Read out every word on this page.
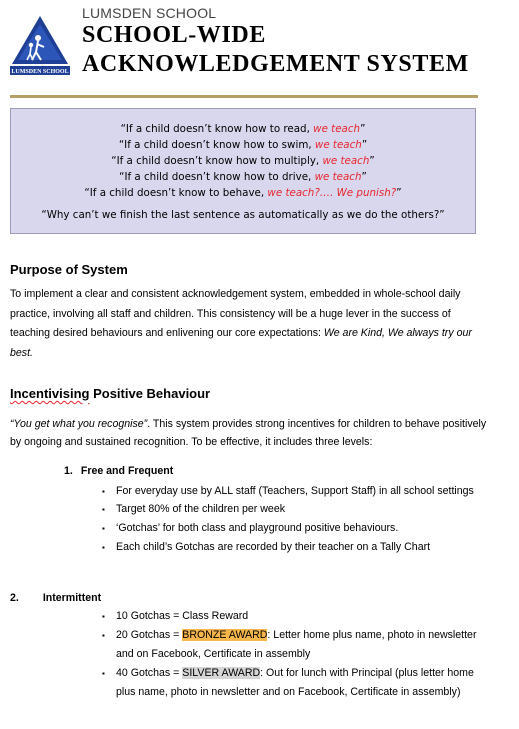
LUMSDEN SCHOOL
LUMSDEN SCHOOL
SCHOOL-WIDE
ACKNOWLEDGEMENT SYSTEM
“If a child doesn’t know how to read, we teach”
“If a child doesn’t know how to swim, we teach”
“If a child doesn’t know how to multiply, we teach”
“If a child doesn’t know how to drive, we teach”
“If a child doesn’t know to behave, we teach?…. We punish?”
“Why can’t we finish the last sentence as automatically as we do the others?”
Purpose of System
To implement a clear and consistent acknowledgement system, embedded in whole-school daily practice, involving all staff and children. This consistency will be a huge lever in the success of teaching desired behaviours and enlivening our core expectations: We are Kind, We always try our best.
Incentivising Positive Behaviour
“You get what you recognise”. This system provides strong incentives for children to behave positively by ongoing and sustained recognition. To be effective, it includes three levels:
1. Free and Frequent
▪ For everyday use by ALL staff (Teachers, Support Staff) in all school settings
▪ Target 80% of the children per week
▪ ‘Gotchas’ for both class and playground positive behaviours.
▪ Each child’s Gotchas are recorded by their teacher on a Tally Chart
2. Intermittent
▪ 10 Gotchas = Class Reward
▪ 20 Gotchas = BRONZE AWARD: Letter home plus name, photo in newsletter
and on Facebook, Certificate in assembly
▪ 40 Gotchas = SILVER AWARD: Out for lunch with Principal (plus letter home
plus name, photo in newsletter and on Facebook, Certificate in assembly)
